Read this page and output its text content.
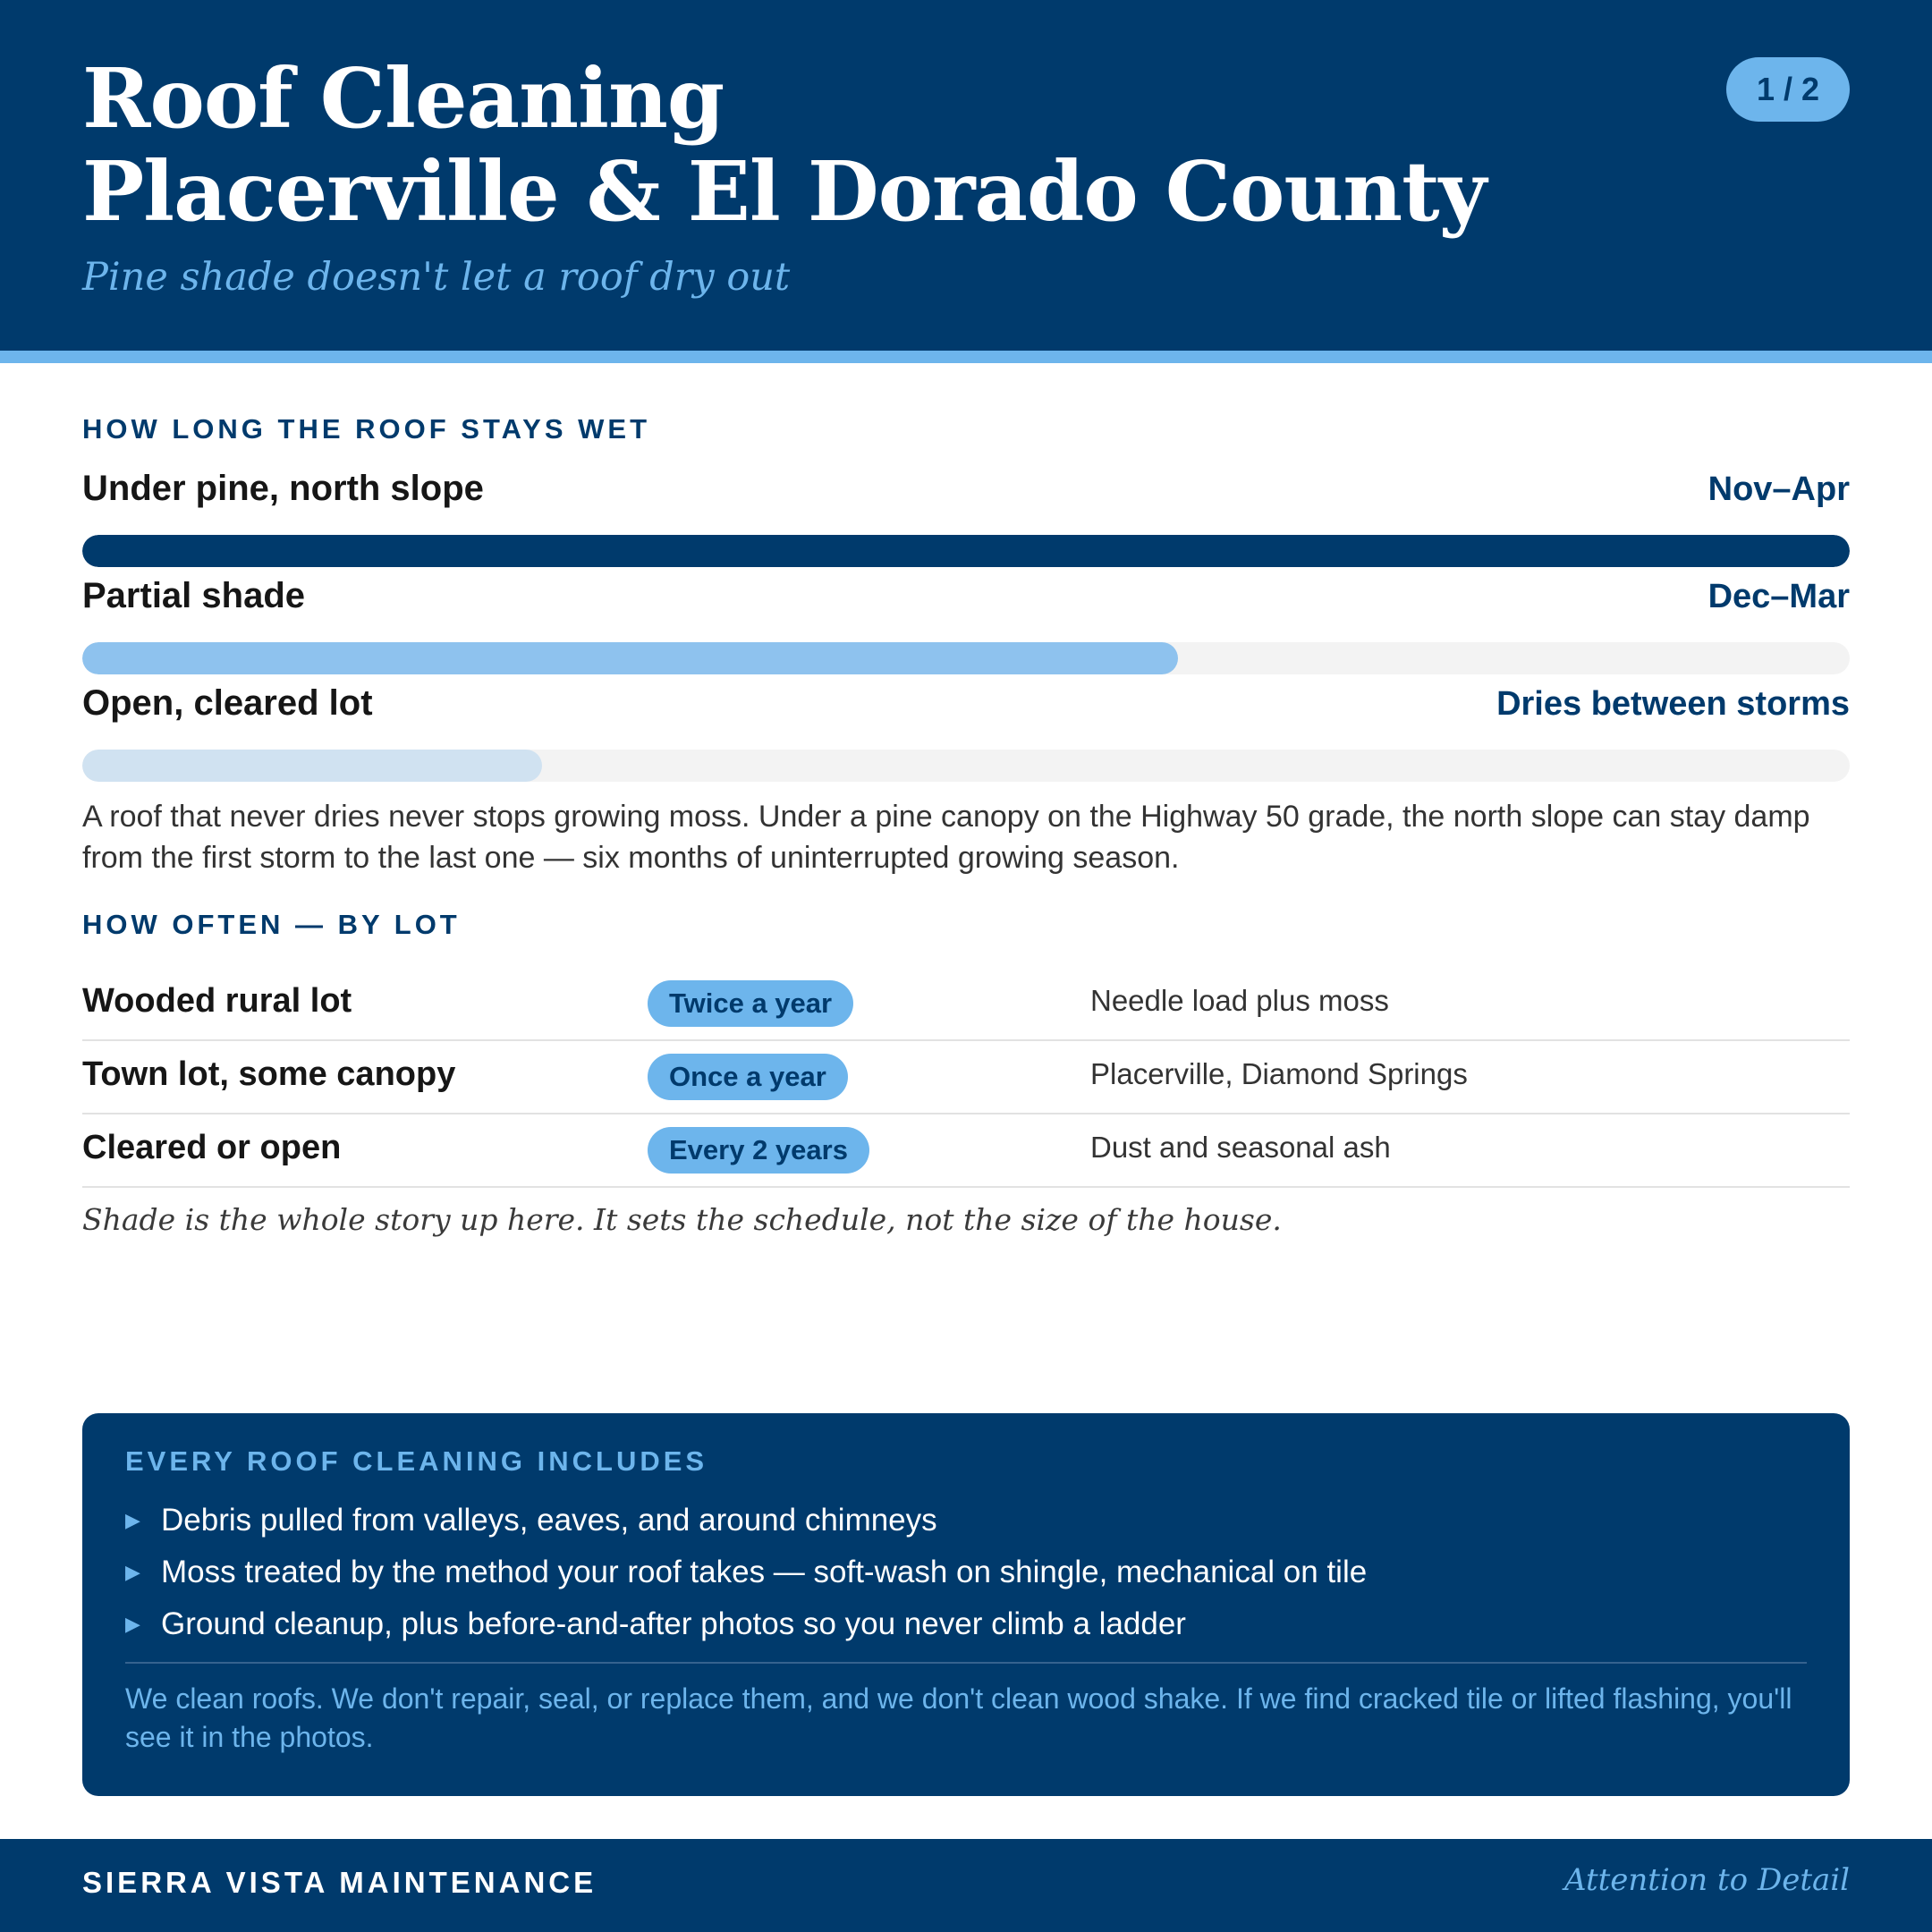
Roof Cleaning
Placerville & El Dorado County
Pine shade doesn't let a roof dry out
1 / 2
HOW LONG THE ROOF STAYS WET
Under pine, north slope	Nov–Apr
Partial shade	Dec–Mar
Open, cleared lot	Dries between storms

A roof that never dries never stops growing moss. Under a pine canopy on the Highway 50 grade, the north slope can stay damp from the first storm to the last one — six months of uninterrupted growing season.

HOW OFTEN — BY LOT
Wooded rural lot	Twice a year	Needle load plus moss
Town lot, some canopy	Once a year	Placerville, Diamond Springs
Cleared or open	Every 2 years	Dust and seasonal ash
Shade is the whole story up here. It sets the schedule, not the size of the house.
EVERY ROOF CLEANING INCLUDES
▶ Debris pulled from valleys, eaves, and around chimneys
▶ Moss treated by the method your roof takes — soft-wash on shingle, mechanical on tile
▶ Ground cleanup, plus before-and-after photos so you never climb a ladder

We clean roofs. We don't repair, seal, or replace them, and we don't clean wood shake. If we find cracked tile or lifted flashing, you'll see it in the photos.

SIERRA VISTA MAINTENANCE	Attention to Detail
